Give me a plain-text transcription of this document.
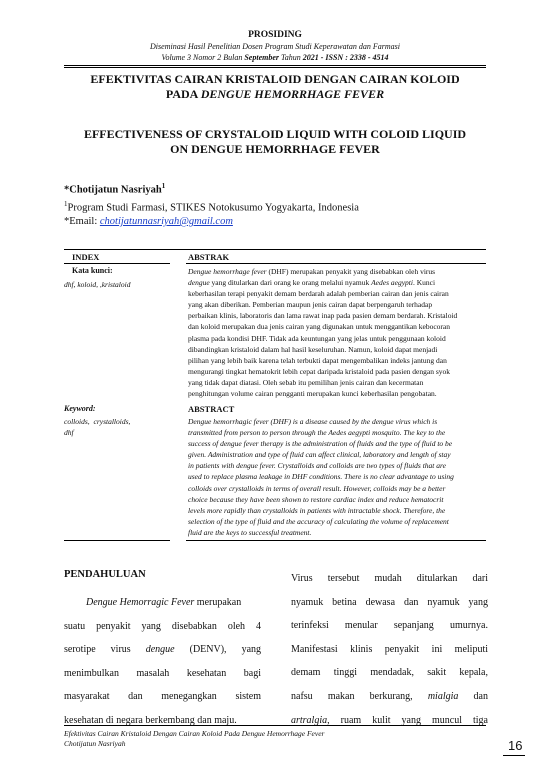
PROSIDING
Diseminasi Hasil Penelitian Dosen Program Studi Keperawatan dan Farmasi
Volume 3 Nomor 2 Bulan September Tahun 2021 - ISSN : 2338 - 4514
EFEKTIVITAS CAIRAN KRISTALOID DENGAN CAIRAN KOLOID
PADA DENGUE HEMORRHAGE FEVER
EFFECTIVENESS OF CRYSTALOID LIQUID WITH COLOID LIQUID
ON DENGUE HEMORRHAGE FEVER
*Chotijatun Nasriyah$^1$
$^1$Program Studi Farmasi, STIKES Notokusumo Yogyakarta, Indonesia
*Email: chotijatunnasriyah@gmail.com
INDEX	ABSTRAK
Kata kunci:
dhf, koloid, ,kristaloid
Dengue hemorrhage fever (DHF) merupakan penyakit yang disebabkan oleh virus
dengue yang ditularkan dari orang ke orang melalui nyamuk Aedes aegypti. Kunci
keberhasilan terapi penyakit demam berdarah adalah pemberian cairan dan jenis cairan
yang akan diberikan. Pemberian maupun jenis cairan dapat berpengaruh terhadap
perbaikan klinis, laboratoris dan lama rawat inap pada pasien demam berdarah. Kristaloid
dan koloid merupakan dua jenis cairan yang digunakan untuk menggantikan kebocoran
plasma pada kondisi DHF. Tidak ada keuntungan yang jelas untuk penggunaan koloid
dibandingkan kristaloid dalam hal hasil keseluruhan. Namun, koloid dapat menjadi
pilihan yang lebih baik karena telah terbukti dapat mengembalikan indeks jantung dan
mengurangi tingkat hematokrit lebih cepat daripada kristaloid pada pasien dengan syok
yang tidak dapat diatasi. Oleh sebab itu pemilihan jenis cairan dan kecermatan
penghitungan volume cairan pengganti merupakan kunci keberhasilan pengobatan.
Keyword:
colloids, crystalloids,
dhf
ABSTRACT
Dengue hemorrhagic fever (DHF) is a disease caused by the dengue virus which is
transmitted from person to person through the Aedes aegypti mosquito. The key to the
success of dengue fever therapy is the administration of fluids and the type of fluid to be
given. Administration and type of fluid can affect clinical, laboratory and length of stay
in patients with dengue fever. Crystalloids and colloids are two types of fluids that are
used to replace plasma leakage in DHF conditions. There is no clear advantage to using
colloids over crystalloids in terms of overall result. However, colloids may be a better
choice because they have been shown to restore cardiac index and reduce hematocrit
levels more rapidly than crystalloids in patients with intractable shock. Therefore, the
selection of the type of fluid and the accuracy of calculating the volume of replacement
fluid are the keys to successful treatment.
PENDAHULUAN

Dengue Hemorragic Fever merupakan

suatu penyakit yang disebabkan oleh 4

serotipe virus dengue (DENV), yang

menimbulkan masalah kesehatan bagi

masyarakat dan menegangkan sistem

kesehatan di negara berkembang dan maju.

Virus tersebut mudah ditularkan dari

nyamuk betina dewasa dan nyamuk yang

terinfeksi menular sepanjang umurnya.

Manifestasi klinis penyakit ini meliputi

demam tinggi mendadak, sakit kepala,

nafsu makan berkurang, mialgia dan

artralgia, ruam kulit yang muncul tiga

Efektivitas Cairan Kristaloid Dengan Cairan Koloid Pada Dengue Hemorrhage Fever
Chotijatun Nasriyah	16
